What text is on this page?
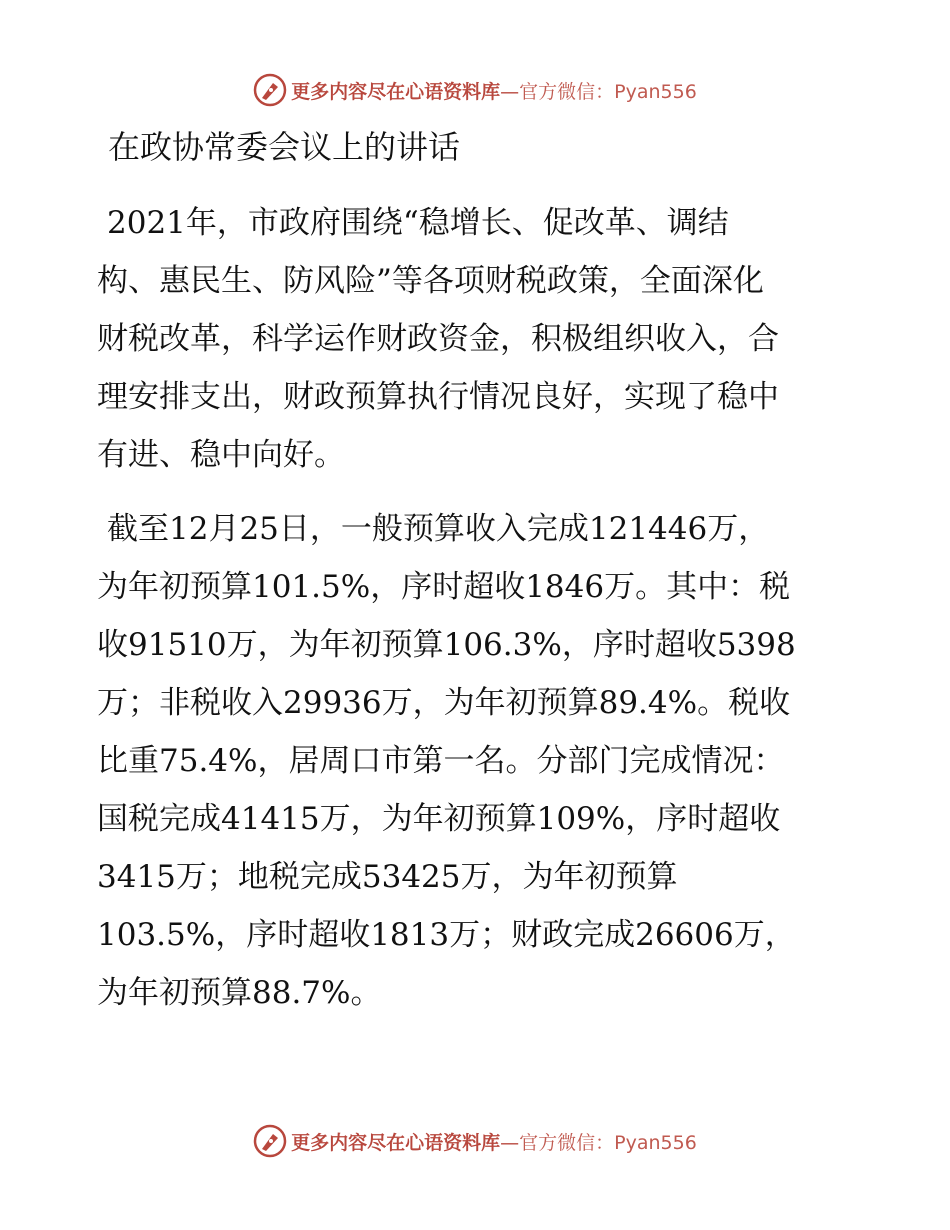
更多内容尽在心语资料库—官方微信：Pyan556
在政协常委会议上的讲话
2021年，市政府围绕“稳增长、促改革、调结
构、惠民生、防风险”等各项财税政策，全面深化
财税改革，科学运作财政资金，积极组织收入，合
理安排支出，财政预算执行情况良好，实现了稳中
有进、稳中向好。
截至12月25日，一般预算收入完成121446万，
为年初预算101.5%，序时超收1846万。其中：税
收91510万，为年初预算106.3%，序时超收5398
万；非税收入29936万，为年初预算89.4%。税收
比重75.4%，居周口市第一名。分部门完成情况：
国税完成41415万，为年初预算109%，序时超收
3415万；地税完成53425万，为年初预算
103.5%，序时超收1813万；财政完成26606万，
为年初预算88.7%。
更多内容尽在心语资料库—官方微信：Pyan556
